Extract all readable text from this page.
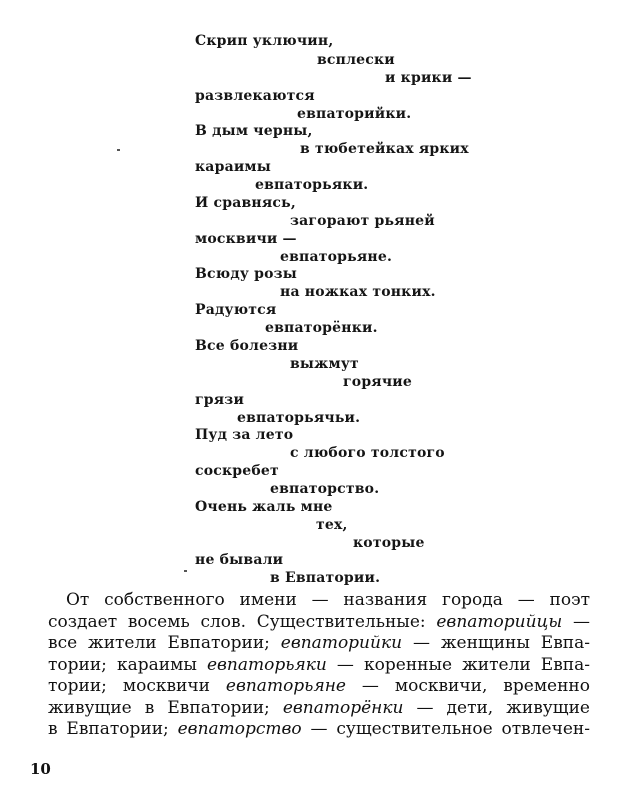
Скрип уключин,
всплески
и крики —
развлекаются
евпаторийки.
В дым черны,
в тюбетейках ярких
караимы
евпаторьяки.
И сравнясь,
загорают рьяней
москвичи —
евпаторьяне.
Всюду розы
на ножках тонких.
Радуются
евпаторёнки.
Все болезни
выжмут
горячие
грязи
евпаторьячьи.
Пуд за лето
с любого толстого
соскребет
евпаторство.
Очень жаль мне
тех,
которые
не бывали
в Евпатории.
От собственного имени — названия города — поэт
создает восемь слов. Существительные: евпаторийцы —
все жители Евпатории; евпаторийки — женщины Евпа-
тории; караимы евпаторьяки — коренные жители Евпа-
тории; москвичи евпаторьяне — москвичи, временно
живущие в Евпатории; евпаторёнки — дети, живущие
в Евпатории; евпаторство — существительное отвлечен-
10
